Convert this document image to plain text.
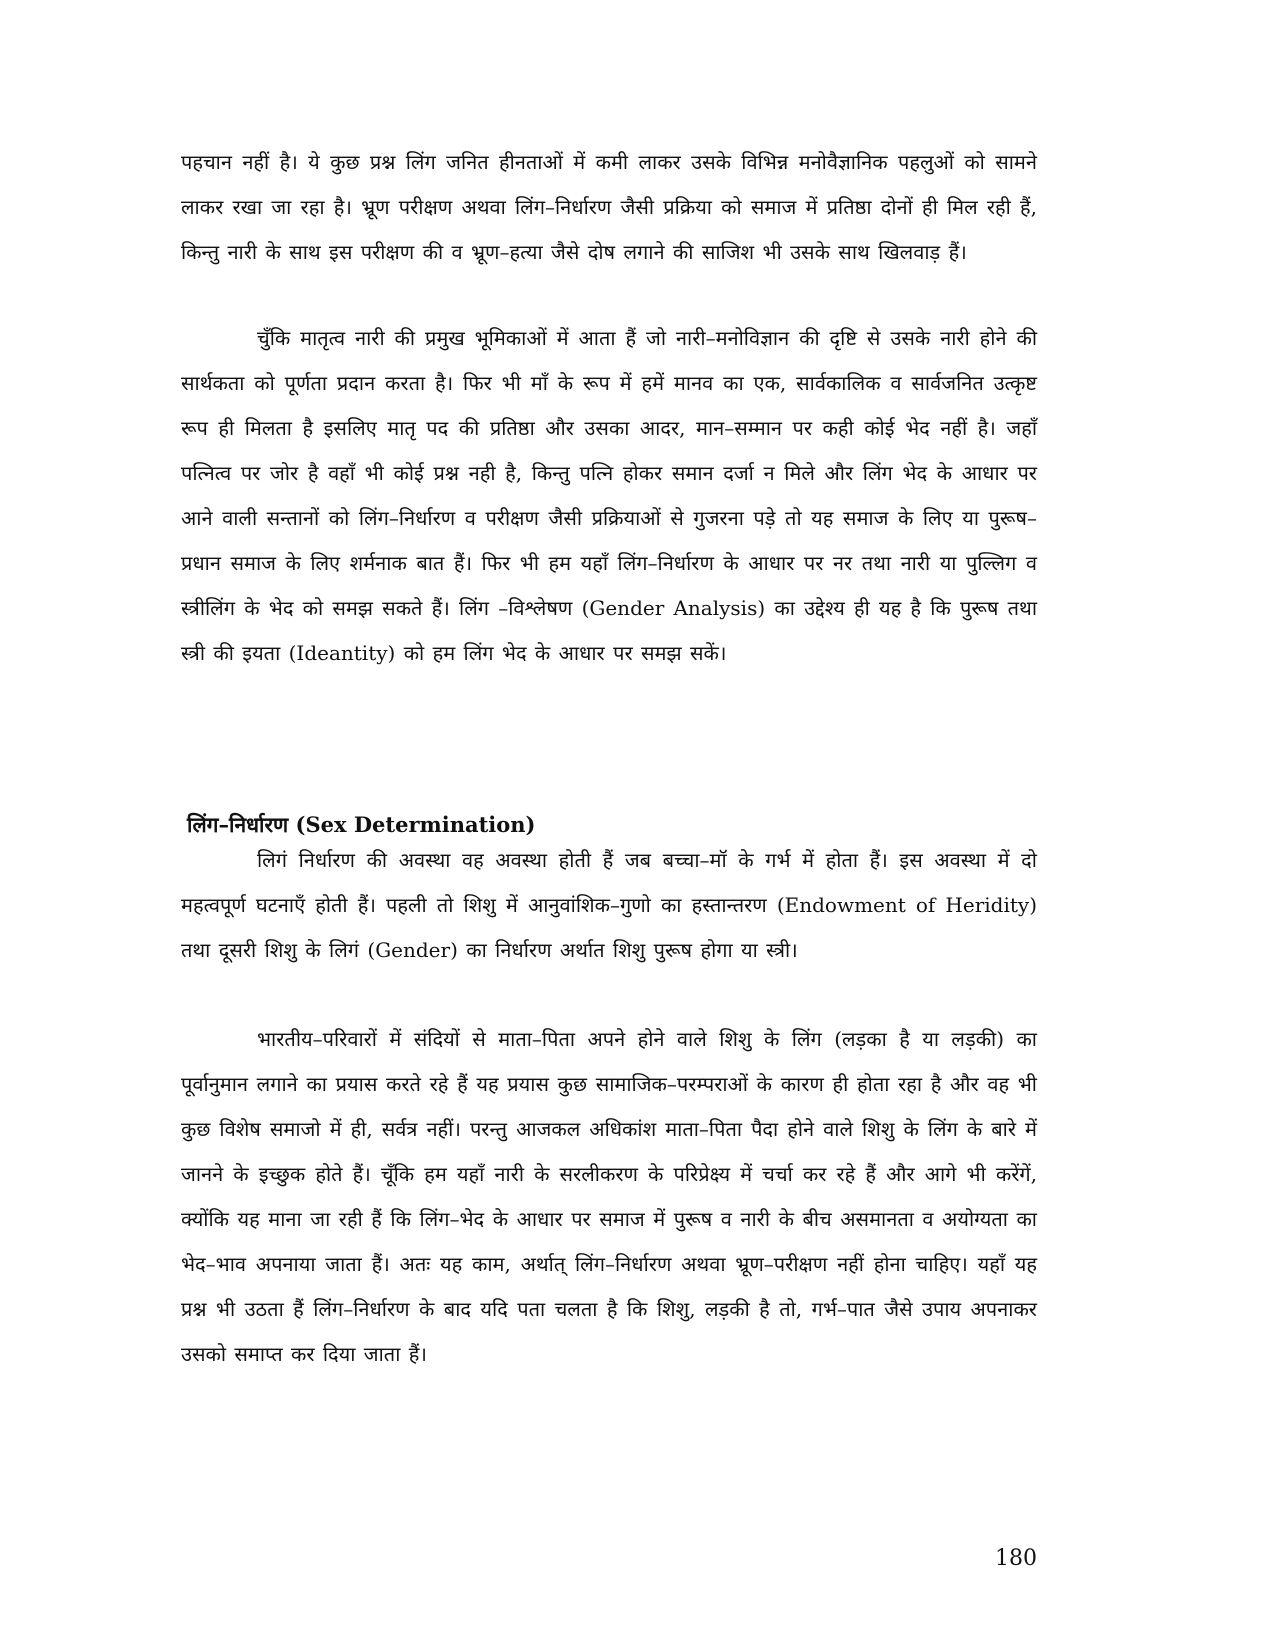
पहचान नहीं है। ये कुछ प्रश्न लिंग जनित हीनताओं में कमी लाकर उसके विभिन्न मनोवैज्ञानिक पहलुओं को सामने लाकर रखा जा रहा है। भ्रूण परीक्षण अथवा लिंग–निर्धारण जैसी प्रक्रिया को समाज में प्रतिष्ठा दोनों ही मिल रही हैं, किन्तु नारी के साथ इस परीक्षण की व भ्रूण–हत्या जैसे दोष लगाने की साजिश भी उसके साथ खिलवाड़ हैं।

चुँकि मातृत्व नारी की प्रमुख भूमिकाओं में आता हैं जो नारी–मनोविज्ञान की दृष्टि से उसके नारी होने की सार्थकता को पूर्णता प्रदान करता है। फिर भी माँ के रूप में हमें मानव का एक, सार्वकालिक व सार्वजनित उत्कृष्ट रूप ही मिलता है इसलिए मातृ पद की प्रतिष्ठा और उसका आदर, मान–सम्मान पर कही कोई भेद नहीं है। जहाँ पत्नित्व पर जोर है वहाँ भी कोई प्रश्न नही है, किन्तु पत्नि होकर समान दर्जा न मिले और लिंग भेद के आधार पर आने वाली सन्तानों को लिंग–निर्धारण व परीक्षण जैसी प्रक्रियाओं से गुजरना पड़े तो यह समाज के लिए या पुरूष–प्रधान समाज के लिए शर्मनाक बात हैं। फिर भी हम यहाँ लिंग–निर्धारण के आधार पर नर तथा नारी या पुल्लिग व स्त्रीलिंग के भेद को समझ सकते हैं। लिंग –विश्लेषण (Gender Analysis) का उद्देश्य ही यह है कि पुरूष तथा स्त्री की इयता (Ideantity) को हम लिंग भेद के आधार पर समझ सकें।

लिंग–निर्धारण (Sex Determination)

लिगं निर्धारण की अवस्था वह अवस्था होती हैं जब बच्चा–मॉ के गर्भ में होता हैं। इस अवस्था में दो महत्वपूर्ण घटनाएँ होती हैं। पहली तो शिशु में आनुवांशिक–गुणो का हस्तान्तरण (Endowment of Heridity) तथा दूसरी शिशु के लिगं (Gender) का निर्धारण अर्थात शिशु पुरूष होगा या स्त्री।

भारतीय–परिवारों में संदियों से माता–पिता अपने होने वाले शिशु के लिंग (लड़का है या लड़की) का पूर्वानुमान लगाने का प्रयास करते रहे हैं यह प्रयास कुछ सामाजिक–परम्पराओं के कारण ही होता रहा है और वह भी कुछ विशेष समाजो में ही, सर्वत्र नहीं। परन्तु आजकल अधिकांश माता–पिता पैदा होने वाले शिशु के लिंग के बारे में जानने के इच्छुक होते हैं। चूँकि हम यहाँ नारी के सरलीकरण के परिप्रेक्ष्य में चर्चा कर रहे हैं और आगे भी करेंगें, क्योंकि यह माना जा रही हैं कि लिंग–भेद के आधार पर समाज में पुरूष व नारी के बीच असमानता व अयोग्यता का भेद–भाव अपनाया जाता हैं। अतः यह काम, अर्थात् लिंग–निर्धारण अथवा भ्रूण–परीक्षण नहीं होना चाहिए। यहाँ यह प्रश्न भी उठता हैं लिंग–निर्धारण के बाद यदि पता चलता है कि शिशु, लड़की है तो, गर्भ–पात जैसे उपाय अपनाकर उसको समाप्त कर दिया जाता हैं।

180
